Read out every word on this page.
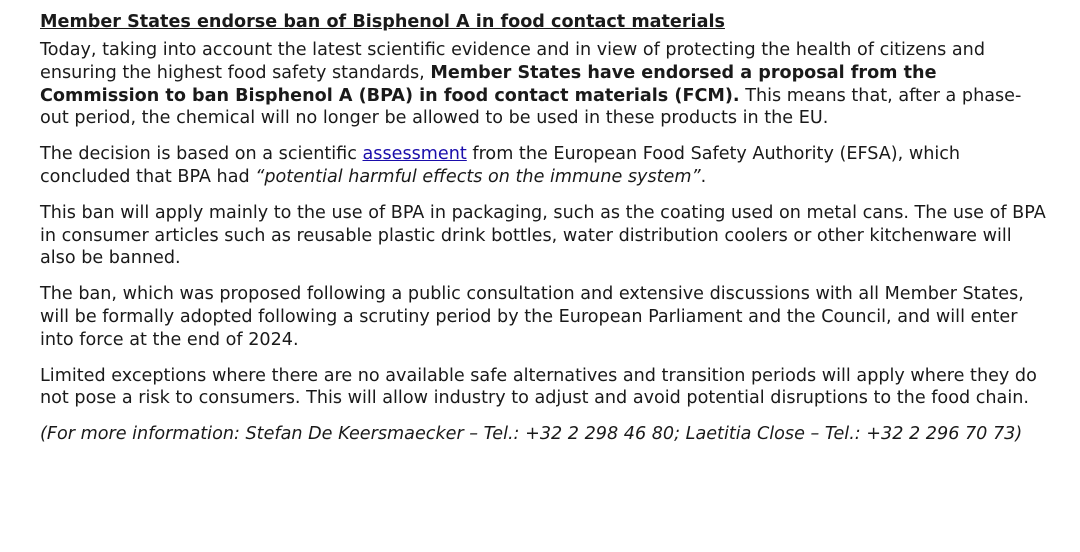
Member States endorse ban of Bisphenol A in food contact materials

Today, taking into account the latest scientific evidence and in view of protecting the health of citizens and ensuring the highest food safety standards, Member States have endorsed a proposal from the Commission to ban Bisphenol A (BPA) in food contact materials (FCM). This means that, after a phase-out period, the chemical will no longer be allowed to be used in these products in the EU.

The decision is based on a scientific assessment from the European Food Safety Authority (EFSA), which concluded that BPA had “potential harmful effects on the immune system”.

This ban will apply mainly to the use of BPA in packaging, such as the coating used on metal cans. The use of BPA in consumer articles such as reusable plastic drink bottles, water distribution coolers or other kitchenware will also be banned.

The ban, which was proposed following a public consultation and extensive discussions with all Member States, will be formally adopted following a scrutiny period by the European Parliament and the Council, and will enter into force at the end of 2024.

Limited exceptions where there are no available safe alternatives and transition periods will apply where they do not pose a risk to consumers. This will allow industry to adjust and avoid potential disruptions to the food chain.

(For more information: Stefan De Keersmaecker – Tel.: +32 2 298 46 80; Laetitia Close – Tel.: +32 2 296 70 73)
